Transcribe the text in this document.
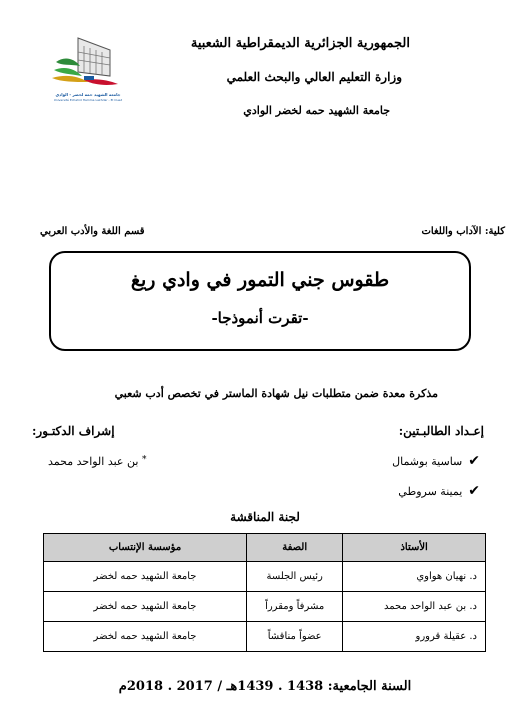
جامعة الشهيد حمه لخضر - الوادي
Université Echahid Hamma Lakhdar - El Oued
الجمهورية الجزائرية الديمقراطية الشعبية
وزارة التعليم العالي والبحث العلمي
جامعة الشهيد حمه لخضر الوادي
كلية: الآداب واللغات
قسم اللغة والأدب العربي
طقوس جني التمور في وادي ريغ
-تقرت أنموذجا-
مذكرة معدة ضمن متطلبات نيل شهادة الماستر في تخصص أدب شعبي
إعـداد الطالبـتين:
إشراف الدكتـور:
✔ساسية بوشمال
✔يمينة سروطي
* بن عبد الواحد محمد
لجنة المناقشة
الأستاذ	الصفة	مؤسسة الإنتساب
د. نهيان هواوي	رئيس الجلسة	جامعة الشهيد حمه لخضر
د. بن عبد الواحد محمد	مشرفاً ومقرراً	جامعة الشهيد حمه لخضر
د. عقيلة قرورو	عضواً مناقشاً	جامعة الشهيد حمه لخضر
السنة الجامعية: 1438 . 1439هـ / 2017 . 2018م
